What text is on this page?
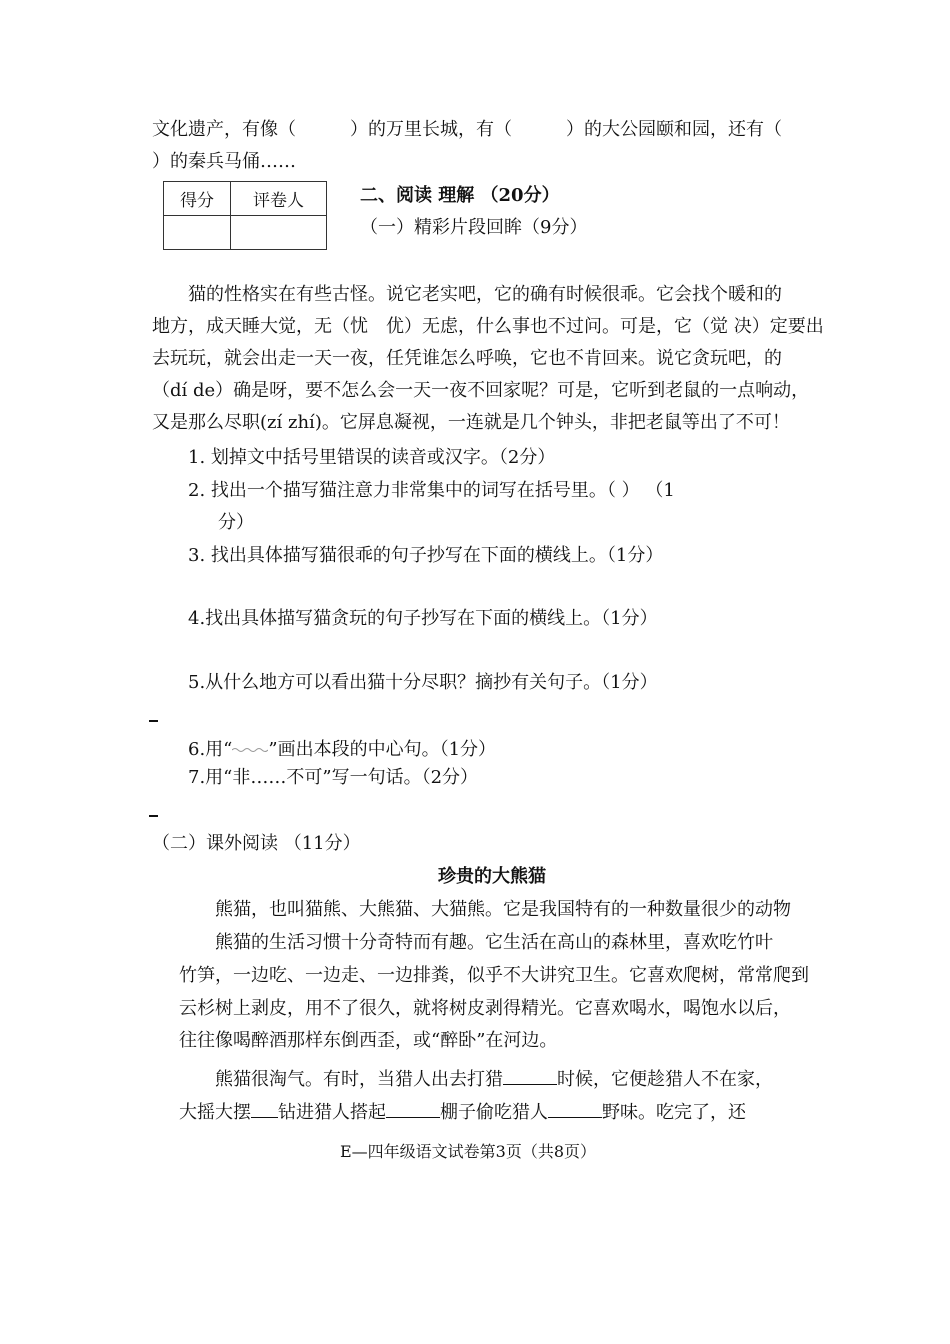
文化遗产，有像（　　　）的万里长城，有（　　　）的大公园颐和园，还有（
）的秦兵马俑……
得分	评卷人
		二、阅读 理解 （20分）
（一）精彩片段回眸（9分）
猫的性格实在有些古怪。说它老实吧，它的确有时候很乖。它会找个暖和的
地方，成天睡大觉，无（忧　优）无虑，什么事也不过问。可是，它（觉 决）定要出
去玩玩，就会出走一天一夜，任凭谁怎么呼唤，它也不肯回来。说它贪玩吧，的
（dí de）确是呀，要不怎么会一天一夜不回家呢？可是，它听到老鼠的一点响动，
又是那么尽职(zí zhí)。它屏息凝视，一连就是几个钟头，非把老鼠等出了不可！
1. 划掉文中括号里错误的读音或汉字。（2分）
2. 找出一个描写猫注意力非常集中的词写在括号里。（ ） （1
分）
3. 找出具体描写猫很乖的句子抄写在下面的横线上。（1分）
4.找出具体描写猫贪玩的句子抄写在下面的横线上。（1分）
5.从什么地方可以看出猫十分尽职？摘抄有关句子。（1分）
6.用“ ”画出本段的中心句。（1分）
7.用“非……不可”写一句话。（2分）
（二）课外阅读 （11分）
珍贵的大熊猫
熊猫，也叫猫熊、大熊猫、大猫熊。它是我国特有的一种数量很少的动物
熊猫的生活习惯十分奇特而有趣。它生活在高山的森林里，喜欢吃竹叶
竹笋，一边吃、一边走、一边排粪，似乎不大讲究卫生。它喜欢爬树，常常爬到
云杉树上剥皮，用不了很久，就将树皮剥得精光。它喜欢喝水，喝饱水以后，
往往像喝醉酒那样东倒西歪，或“醉卧”在河边。
熊猫很淘气。有时，当猎人出去打猎	时候，它便趁猎人不在家，
大摇大摆 钻进猎人搭起	棚子偷吃猎人	野味。吃完了，还
E—四年级语文试卷第3页（共8页）
